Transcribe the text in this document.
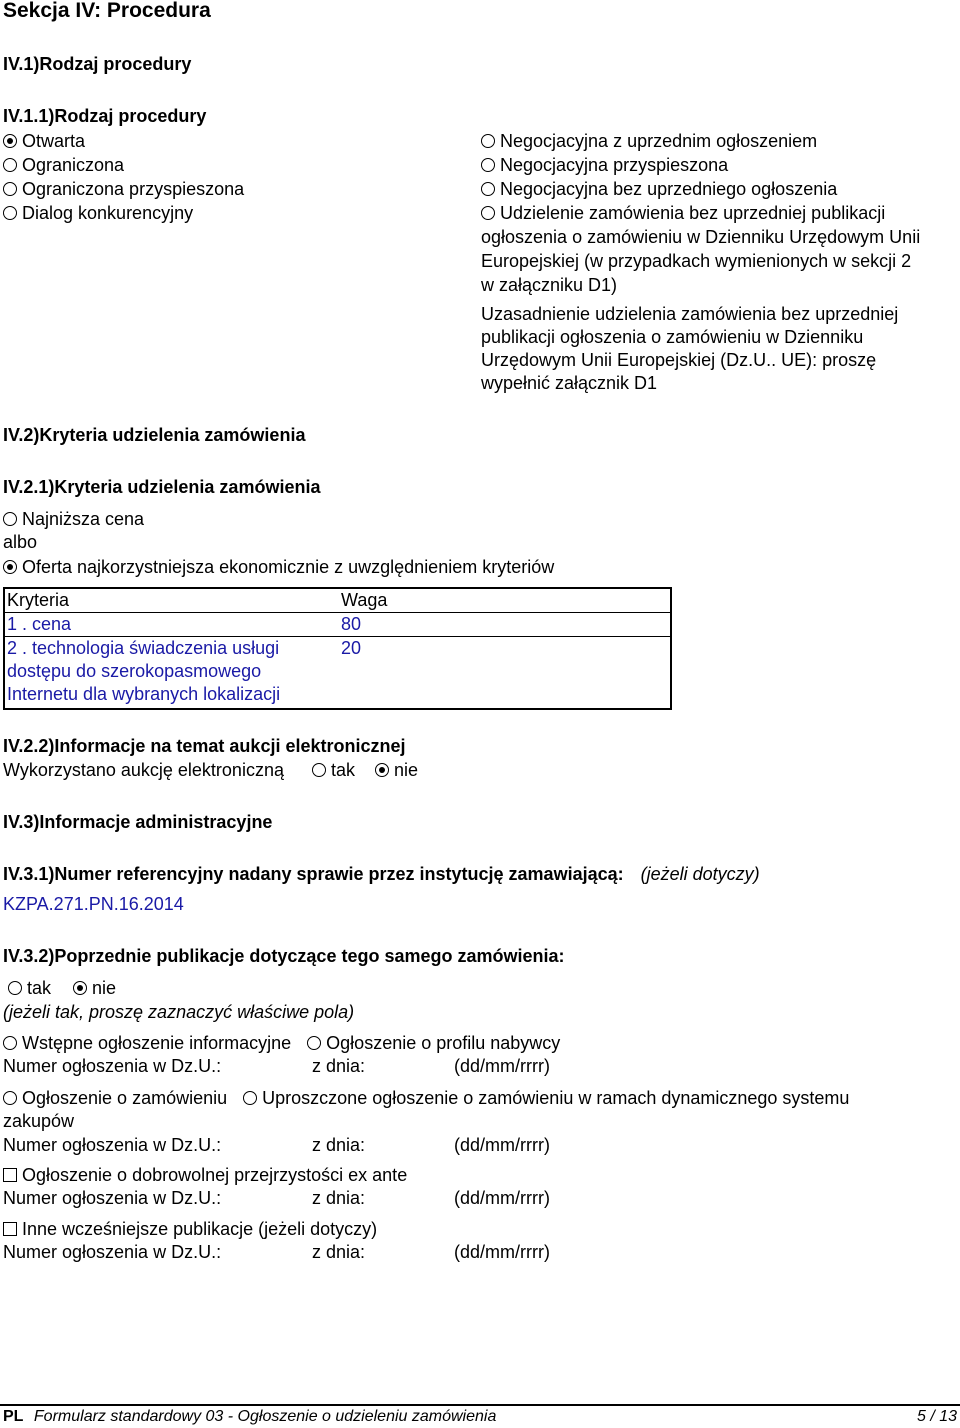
Sekcja IV: Procedura
IV.1)Rodzaj procedury
IV.1.1)Rodzaj procedury
Otwarta
Ograniczona
Ograniczona przyspieszona
Dialog konkurencyjny
Negocjacyjna z uprzednim ogłoszeniem
Negocjacyjna przyspieszona
Negocjacyjna bez uprzedniego ogłoszenia
Udzielenie zamówienia bez uprzedniej publikacji
ogłoszenia o zamówieniu w Dzienniku Urzędowym Unii
Europejskiej (w przypadkach wymienionych w sekcji 2
w załączniku D1)
Uzasadnienie udzielenia zamówienia bez uprzedniej
publikacji ogłoszenia o zamówieniu w Dzienniku
Urzędowym Unii Europejskiej (Dz.U.. UE): proszę
wypełnić załącznik D1
IV.2)Kryteria udzielenia zamówienia
IV.2.1)Kryteria udzielenia zamówienia
Najniższa cena
albo
Oferta najkorzystniejsza ekonomicznie z uwzględnieniem kryteriów
Kryteria	Waga
1 . cena	80
2 . technologia świadczenia usługi dostępu do szerokopasmowego Internetu dla wybranych lokalizacji	20
IV.2.2)Informacje na temat aukcji elektronicznej
Wykorzystano aukcję elektroniczną	tak nie
IV.3)Informacje administracyjne
IV.3.1)Numer referencyjny nadany sprawie przez instytucję zamawiającą: (jeżeli dotyczy)
KZPA.271.PN.16.2014
IV.3.2)Poprzednie publikacje dotyczące tego samego zamówienia:
tak nie
(jeżeli tak, proszę zaznaczyć właściwe pola)
Wstępne ogłoszenie informacyjne Ogłoszenie o profilu nabywcy
Numer ogłoszenia w Dz.U.:	z dnia:	(dd/mm/rrrr)
Ogłoszenie o zamówieniu Uproszczone ogłoszenie o zamówieniu w ramach dynamicznego systemu
zakupów
Numer ogłoszenia w Dz.U.:	z dnia:	(dd/mm/rrrr)
Ogłoszenie o dobrowolnej przejrzystości ex ante
Numer ogłoszenia w Dz.U.:	z dnia:	(dd/mm/rrrr)
Inne wcześniejsze publikacje (jeżeli dotyczy)
Numer ogłoszenia w Dz.U.:	z dnia:	(dd/mm/rrrr)
PL Formularz standardowy 03 - Ogłoszenie o udzieleniu zamówienia	5 / 13
